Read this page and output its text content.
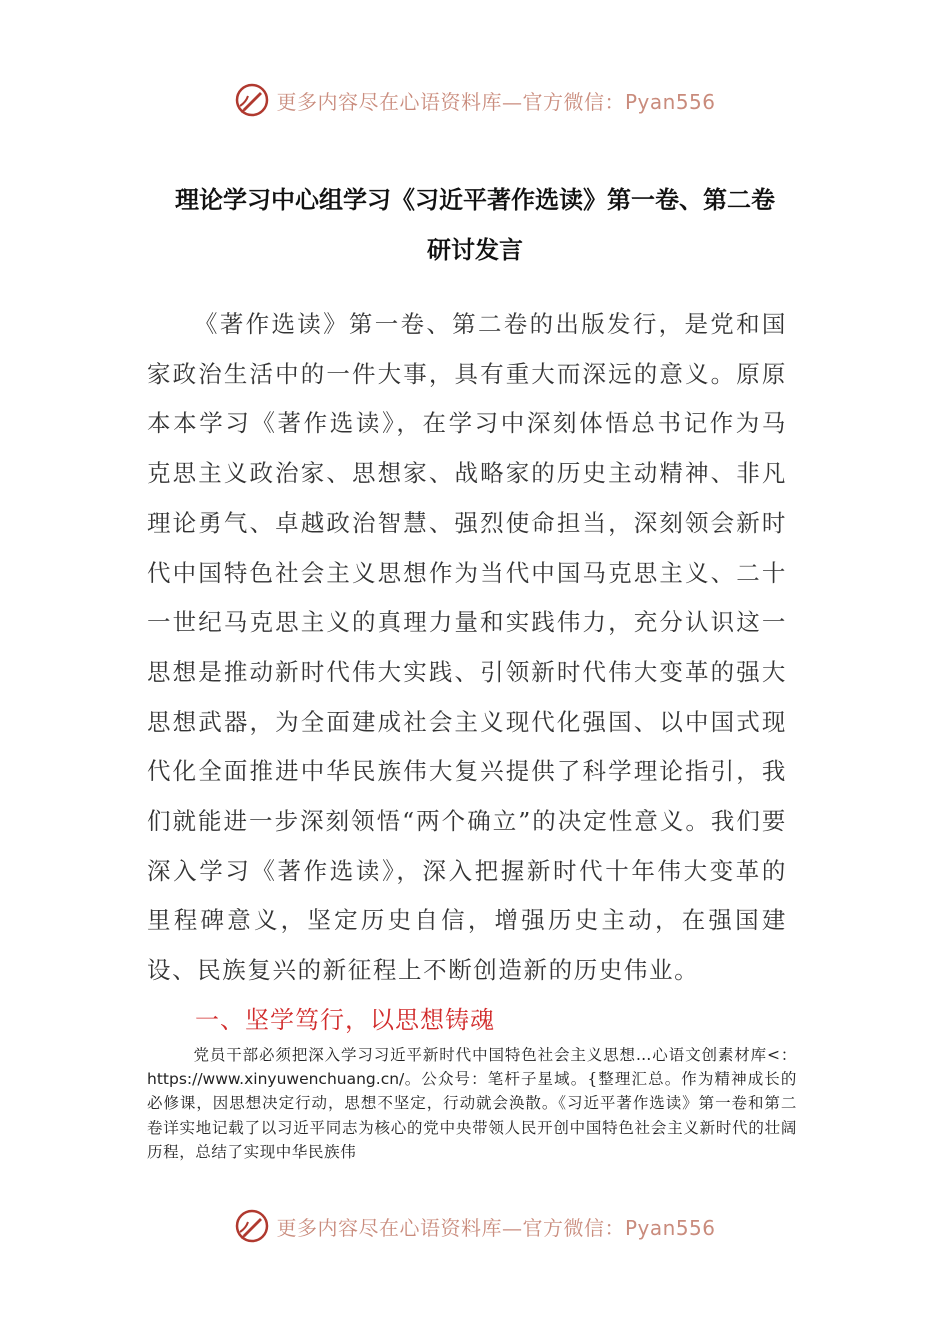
更多内容尽在心语资料库—官方微信：Pyan556
理论学习中心组学习《习近平著作选读》第一卷、第二卷
研讨发言

《著作选读》第一卷、第二卷的出版发行，是党和国家政治生活中的一件大事，具有重大而深远的意义。原原本本学习《著作选读》，在学习中深刻体悟总书记作为马克思主义政治家、思想家、战略家的历史主动精神、非凡理论勇气、卓越政治智慧、强烈使命担当，深刻领会新时代中国特色社会主义思想作为当代中国马克思主义、二十一世纪马克思主义的真理力量和实践伟力，充分认识这一思想是推动新时代伟大实践、引领新时代伟大变革的强大思想武器，为全面建成社会主义现代化强国、以中国式现代化全面推进中华民族伟大复兴提供了科学理论指引，我们就能进一步深刻领悟“两个确立”的决定性意义。我们要深入学习《著作选读》，深入把握新时代十年伟大变革的里程碑意义，坚定历史自信，增强历史主动，在强国建设、民族复兴的新征程上不断创造新的历史伟业。

一、坚学笃行，以思想铸魂

党员干部必须把深入学习习近平新时代中国特色社会主义思想…心语文创素材库<：https://www.xinyuwenchuang.cn/。公众号：笔杆子星域。{整理汇总。作为精神成长的必修课，因思想决定行动，思想不坚定，行动就会涣散。《习近平著作选读》第一卷和第二卷详实地记载了以习近平同志为核心的党中央带领人民开创中国特色社会主义新时代的壮阔历程，总结了实现中华民族伟

更多内容尽在心语资料库—官方微信：Pyan556
